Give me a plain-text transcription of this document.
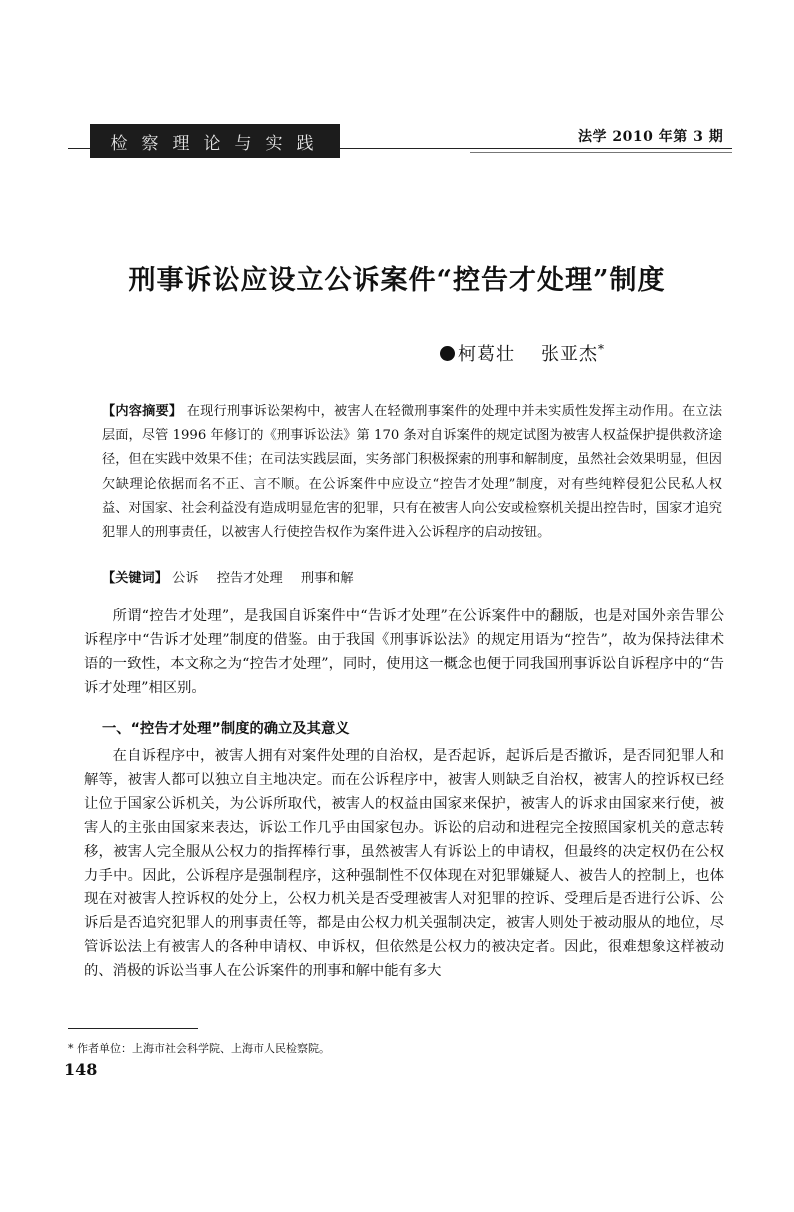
检察理论与实践	法学 2010 年第 3 期
刑事诉讼应设立公诉案件“控告才处理”制度
柯葛壮 张亚杰*
【内容摘要】 在现行刑事诉讼架构中，被害人在轻微刑事案件的处理中并未实质性发挥主动作用。在立法层面，尽管 1996 年修订的《刑事诉讼法》第 170 条对自诉案件的规定试图为被害人权益保护提供救济途径，但在实践中效果不佳；在司法实践层面，实务部门积极探索的刑事和解制度，虽然社会效果明显，但因欠缺理论依据而名不正、言不顺。在公诉案件中应设立“控告才处理”制度，对有些纯粹侵犯公民私人权益、对国家、社会利益没有造成明显危害的犯罪，只有在被害人向公安或检察机关提出控告时，国家才追究犯罪人的刑事责任，以被害人行使控告权作为案件进入公诉程序的启动按钮。
【关键词】 公诉 控告才处理 刑事和解
所谓“控告才处理”，是我国自诉案件中“告诉才处理”在公诉案件中的翻版，也是对国外亲告罪公诉程序中“告诉才处理”制度的借鉴。由于我国《刑事诉讼法》的规定用语为“控告”，故为保持法律术语的一致性，本文称之为“控告才处理”，同时，使用这一概念也便于同我国刑事诉讼自诉程序中的“告诉才处理”相区别。
一、“控告才处理”制度的确立及其意义
在自诉程序中，被害人拥有对案件处理的自治权，是否起诉，起诉后是否撤诉，是否同犯罪人和解等，被害人都可以独立自主地决定。而在公诉程序中，被害人则缺乏自治权，被害人的控诉权已经让位于国家公诉机关，为公诉所取代，被害人的权益由国家来保护，被害人的诉求由国家来行使，被害人的主张由国家来表达，诉讼工作几乎由国家包办。诉讼的启动和进程完全按照国家机关的意志转移，被害人完全服从公权力的指挥棒行事，虽然被害人有诉讼上的申请权，但最终的决定权仍在公权力手中。因此，公诉程序是强制程序，这种强制性不仅体现在对犯罪嫌疑人、被告人的控制上，也体现在对被害人控诉权的处分上，公权力机关是否受理被害人对犯罪的控诉、受理后是否进行公诉、公诉后是否追究犯罪人的刑事责任等，都是由公权力机关强制决定，被害人则处于被动服从的地位，尽管诉讼法上有被害人的各种申请权、申诉权，但依然是公权力的被决定者。因此，很难想象这样被动的、消极的诉讼当事人在公诉案件的刑事和解中能有多大
* 作者单位：上海市社会科学院、上海市人民检察院。
148
